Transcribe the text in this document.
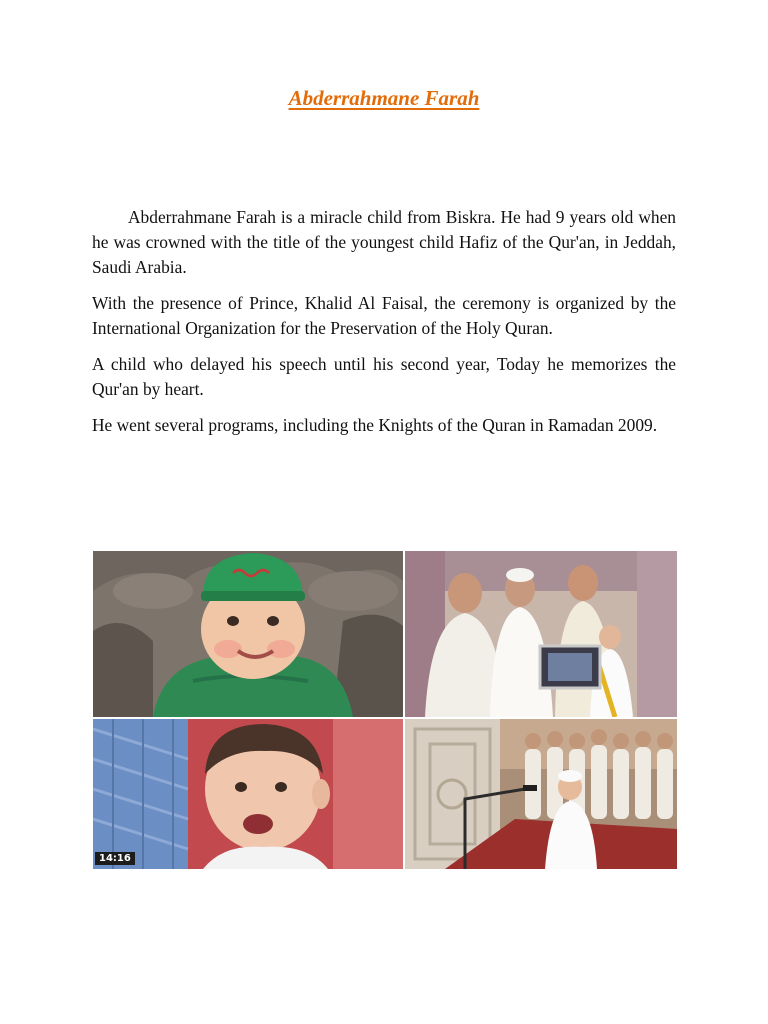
Abderrahmane Farah

Abderrahmane Farah is a miracle child from Biskra. He had 9 years old when he was crowned with the title of the youngest child Hafiz of the Qur'an, in Jeddah, Saudi Arabia.

With the presence of Prince, Khalid Al Faisal, the ceremony is organized by the International Organization for the Preservation of the Holy Quran.

A child who delayed his speech until his second year, Today he memorizes the Qur'an by heart.

He went several programs, including the Knights of the Quran in Ramadan 2009.

14:16
